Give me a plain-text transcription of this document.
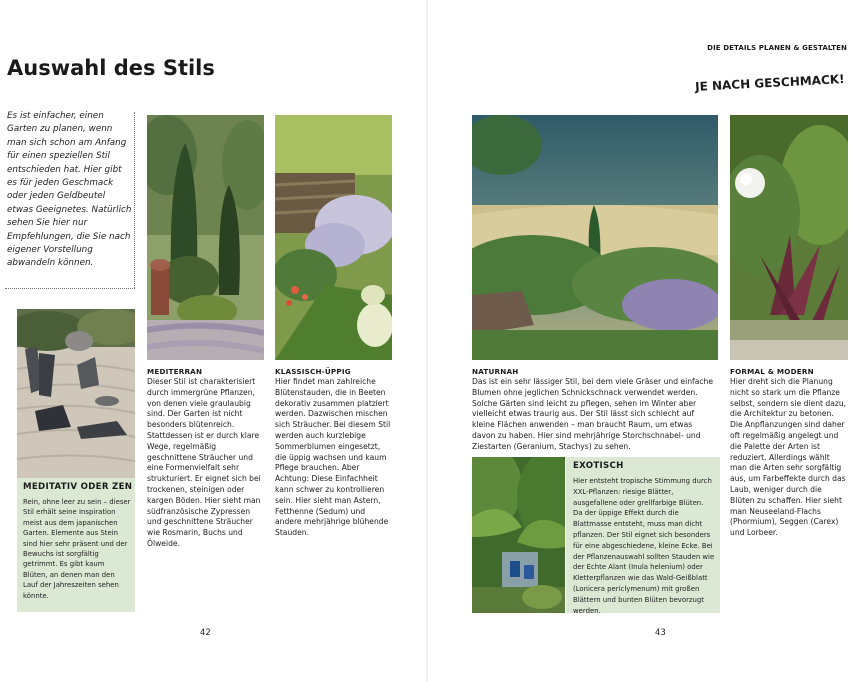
DIE DETAILS PLANEN & GESTALTEN
JE NACH GESCHMACK!
Auswahl des Stils
Es ist einfacher, einen Garten zu planen, wenn man sich schon am Anfang für einen speziellen Stil entschieden hat. Hier gibt es für jeden Geschmack oder jeden Geldbeutel etwas Geeignetes. Natürlich sehen Sie hier nur Empfehlungen, die Sie nach eigener Vorstellung abwandeln können.
MEDITATIV ODER ZEN
Rein, ohne leer zu sein – dieser Stil erhält seine Inspiration meist aus dem japanischen Garten. Elemente aus Stein sind hier sehr präsent und der Bewuchs ist sorgfältig getrimmt. Es gibt kaum Blüten, an denen man den Lauf der Jahreszeiten sehen könnte.
MEDITERRAN
Dieser Stil ist charakterisiert durch immergrüne Pflanzen, von denen viele graulaubig sind. Der Garten ist nicht besonders blütenreich. Stattdessen ist er durch klare Wege, regelmäßig geschnittene Sträucher und eine Formenvielfalt sehr strukturiert. Er eignet sich bei trockenen, steinigen oder kargen Böden. Hier sieht man südfranzösische Zypressen und geschnittene Sträucher wie Rosmarin, Buchs und Ölweide.
KLASSISCH-ÜPPIG
Hier findet man zahlreiche Blütenstauden, die in Beeten dekorativ zusammen platziert werden. Dazwischen mischen sich Sträucher. Bei diesem Stil werden auch kurzlebige Sommerblumen eingesetzt, die üppig wachsen und kaum Pflege brauchen. Aber Achtung: Diese Einfachheit kann schwer zu kontrollieren sein. Hier sieht man Astern, Fetthenne (Sedum) und andere mehrjährige blühende Stauden.
42
NATURNAH
Das ist ein sehr lässiger Stil, bei dem viele Gräser und einfache Blumen ohne jeglichen Schnickschnack verwendet werden. Solche Gärten sind leicht zu pflegen, sehen im Winter aber vielleicht etwas traurig aus. Der Stil lässt sich schlecht auf kleine Flächen anwenden – man braucht Raum, um etwas davon zu haben. Hier sind mehrjährige Storchschnabel- und Ziestarten (Geranium, Stachys) zu sehen.
FORMAL & MODERN
Hier dreht sich die Planung nicht so stark um die Pflanze selbst, sondern sie dient dazu, die Architektur zu betonen. Die Anpflanzungen sind daher oft regelmäßig angelegt und die Palette der Arten ist reduziert. Allerdings wählt man die Arten sehr sorgfältig aus, um Farbeffekte durch das Laub, weniger durch die Blüten zu schaffen. Hier sieht man Neuseeland-Flachs (Phormium), Seggen (Carex) und Lorbeer.
EXOTISCH
Hier entsteht tropische Stimmung durch XXL-Pflanzen: riesige Blätter, ausgefallene oder grellfarbige Blüten. Da der üppige Effekt durch die Blattmasse entsteht, muss man dicht pflanzen. Der Stil eignet sich besonders für eine abgeschiedene, kleine Ecke. Bei der Pflanzenauswahl sollten Stauden wie der Echte Alant (Inula helenium) oder Kletterpflanzen wie das Wald-Geißblatt (Lonicera periclymenum) mit großen Blättern und bunten Blüten bevorzugt werden.
43
